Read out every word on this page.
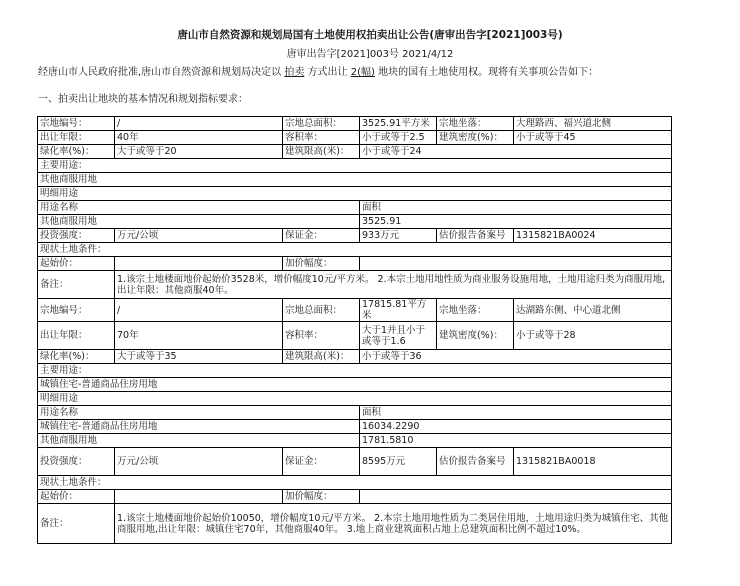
唐山市自然资源和规划局国有土地使用权拍卖出让公告(唐审出告字[2021]003号)
唐审出告字[2021]003号 2021/4/12
经唐山市人民政府批准,唐山市自然资源和规划局决定以 拍卖 方式出让 2(幅) 地块的国有土地使用权。现将有关事项公告如下：
一、拍卖出让地块的基本情况和规划指标要求：
宗地编号：	/	宗地总面积：	3525.91平方米	宗地坐落：	大理路西、福兴道北侧
出让年限：	40年	容积率：	小于或等于2.5	建筑密度(%)：	小于或等于45
绿化率(%)：	大于或等于20	建筑限高(米)：	小于或等于24		
主要用途：					
其他商服用地					
明细用途					
用途名称			面积		
其他商服用地			3525.91		
投资强度：	万元/公顷	保证金：	933万元	估价报告备案号	1315821BA0024
现状土地条件：					
起始价：		加价幅度：			
备注：	1.该宗土地楼面地价起始价3528米，增价幅度10元/平方米。 2.本宗土地用地性质为商业服务设施用地，土地用途归类为商服用地,出让年限：其他商服40年。				
宗地编号：	/	宗地总面积：	17815.81平方米	宗地坐落：	达湖路东侧、中心道北侧
出让年限：	70年	容积率：	大于1并且小于或等于1.6	建筑密度(%)：	小于或等于28
绿化率(%)：	大于或等于35	建筑限高(米)：	小于或等于36		
主要用途：					
城镇住宅-普通商品住房用地					
明细用途					
用途名称			面积		
城镇住宅-普通商品住房用地			16034.2290		
其他商服用地			1781.5810		
投资强度：	万元/公顷	保证金：	8595万元	估价报告备案号	1315821BA0018
现状土地条件：					
起始价：		加价幅度：			
备注：	1.该宗土地楼面地价起始价10050，增价幅度10元/平方米。 2.本宗土地用地性质为二类居住用地，土地用途归类为城镇住宅、其他商服用地,出让年限：城镇住宅70年，其他商服40年。 3.地上商业建筑面积占地上总建筑面积比例不超过10%。				
